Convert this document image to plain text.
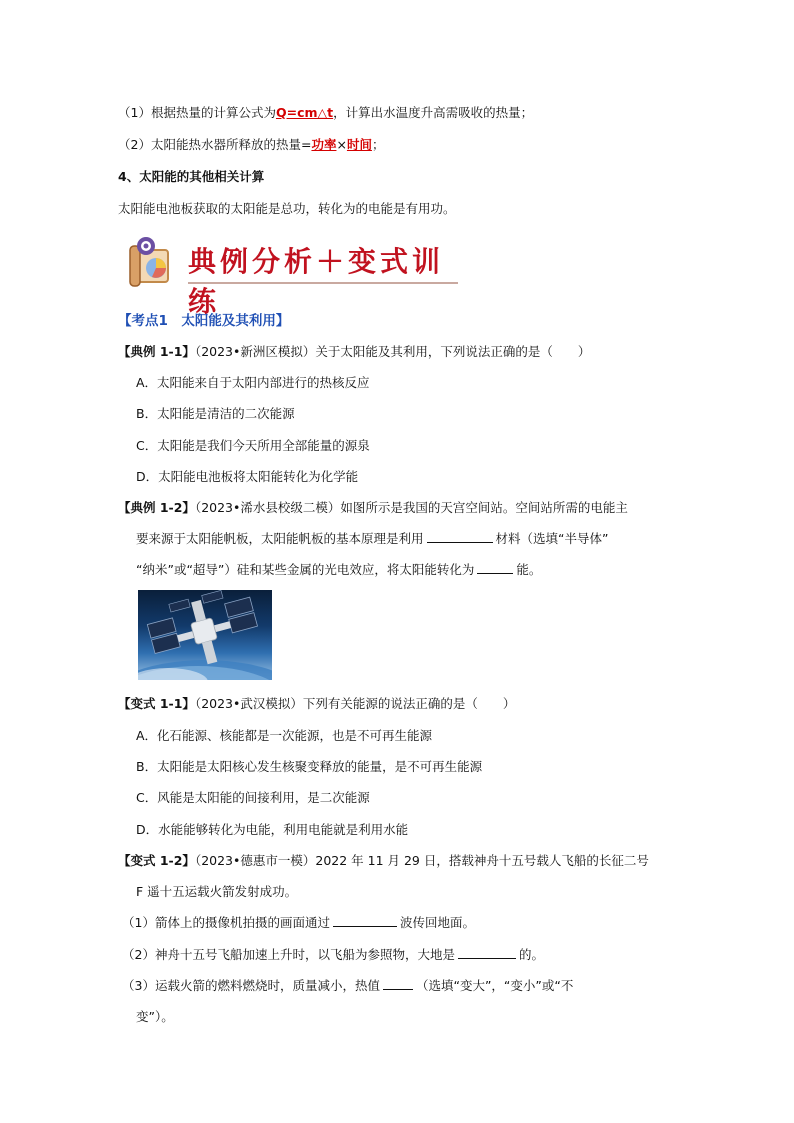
（1）根据热量的计算公式为Q=cm△t，计算出水温度升高需吸收的热量；
（2）太阳能热水器所释放的热量=功率×时间；
4、太阳能的其他相关计算
太阳能电池板获取的太阳能是总功，转化为的电能是有用功。
典例分析＋变式训练
【考点1　太阳能及其利用】
【典例 1-1】（2023•新洲区模拟）关于太阳能及其利用，下列说法正确的是（　　）
A．太阳能来自于太阳内部进行的热核反应
B．太阳能是清洁的二次能源
C．太阳能是我们今天所用全部能量的源泉
D．太阳能电池板将太阳能转化为化学能
【典例 1-2】（2023•浠水县校级二模）如图所示是我国的天宫空间站。空间站所需的电能主
要来源于太阳能帆板，太阳能帆板的基本原理是利用	材料（选填“半导体”
“纳米”或“超导”）硅和某些金属的光电效应，将太阳能转化为	能。
【变式 1-1】（2023•武汉模拟）下列有关能源的说法正确的是（　　）
A．化石能源、核能都是一次能源，也是不可再生能源
B．太阳能是太阳核心发生核聚变释放的能量，是不可再生能源
C．风能是太阳能的间接利用，是二次能源
D．水能能够转化为电能，利用电能就是利用水能
【变式 1-2】（2023•德惠市一模）2022 年 11 月 29 日，搭载神舟十五号载人飞船的长征二号
F 遥十五运载火箭发射成功。
（1）箭体上的摄像机拍摄的画面通过	波传回地面。
（2）神舟十五号飞船加速上升时，以飞船为参照物，大地是	的。
（3）运载火箭的燃料燃烧时，质量减小，热值	（选填“变大”，“变小”或“不
变”）。
